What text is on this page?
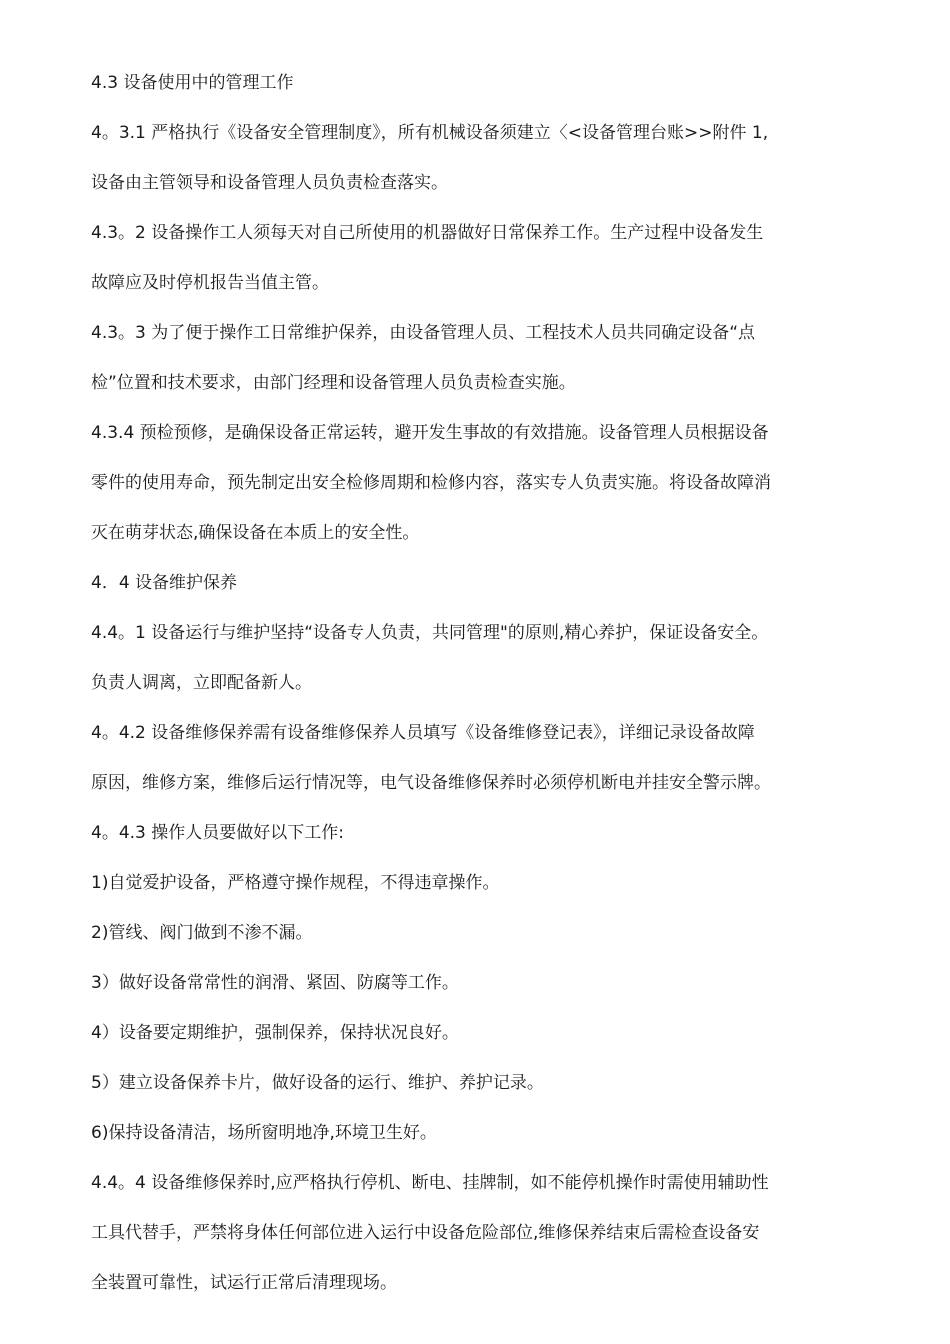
4.3 设备使用中的管理工作
4。3.1 严格执行《设备安全管理制度》，所有机械设备须建立〈<设备管理台账>>附件 1,
设备由主管领导和设备管理人员负责检查落实。
4.3。2 设备操作工人须每天对自己所使用的机器做好日常保养工作。生产过程中设备发生
故障应及时停机报告当值主管。
4.3。3 为了便于操作工日常维护保养，由设备管理人员、工程技术人员共同确定设备“点
检”位置和技术要求，由部门经理和设备管理人员负责检查实施。
4.3.4 预检预修，是确保设备正常运转，避开发生事故的有效措施。设备管理人员根据设备
零件的使用寿命，预先制定出安全检修周期和检修内容，落实专人负责实施。将设备故障消
灭在萌芽状态,确保设备在本质上的安全性。
4．4 设备维护保养
4.4。1 设备运行与维护坚持“设备专人负责，共同管理"的原则,精心养护，保证设备安全。
负责人调离，立即配备新人。
4。4.2 设备维修保养需有设备维修保养人员填写《设备维修登记表》，详细记录设备故障
原因，维修方案，维修后运行情况等，电气设备维修保养时必须停机断电并挂安全警示牌。
4。4.3 操作人员要做好以下工作:
1)自觉爱护设备，严格遵守操作规程，不得违章操作。
2)管线、阀门做到不渗不漏。
3）做好设备常常性的润滑、紧固、防腐等工作。
4）设备要定期维护，强制保养，保持状况良好。
5）建立设备保养卡片，做好设备的运行、维护、养护记录。
6)保持设备清洁，场所窗明地净,环境卫生好。
4.4。4 设备维修保养时,应严格执行停机、断电、挂牌制，如不能停机操作时需使用辅助性
工具代替手，严禁将身体任何部位进入运行中设备危险部位,维修保养结束后需检查设备安
全装置可靠性，试运行正常后清理现场。
